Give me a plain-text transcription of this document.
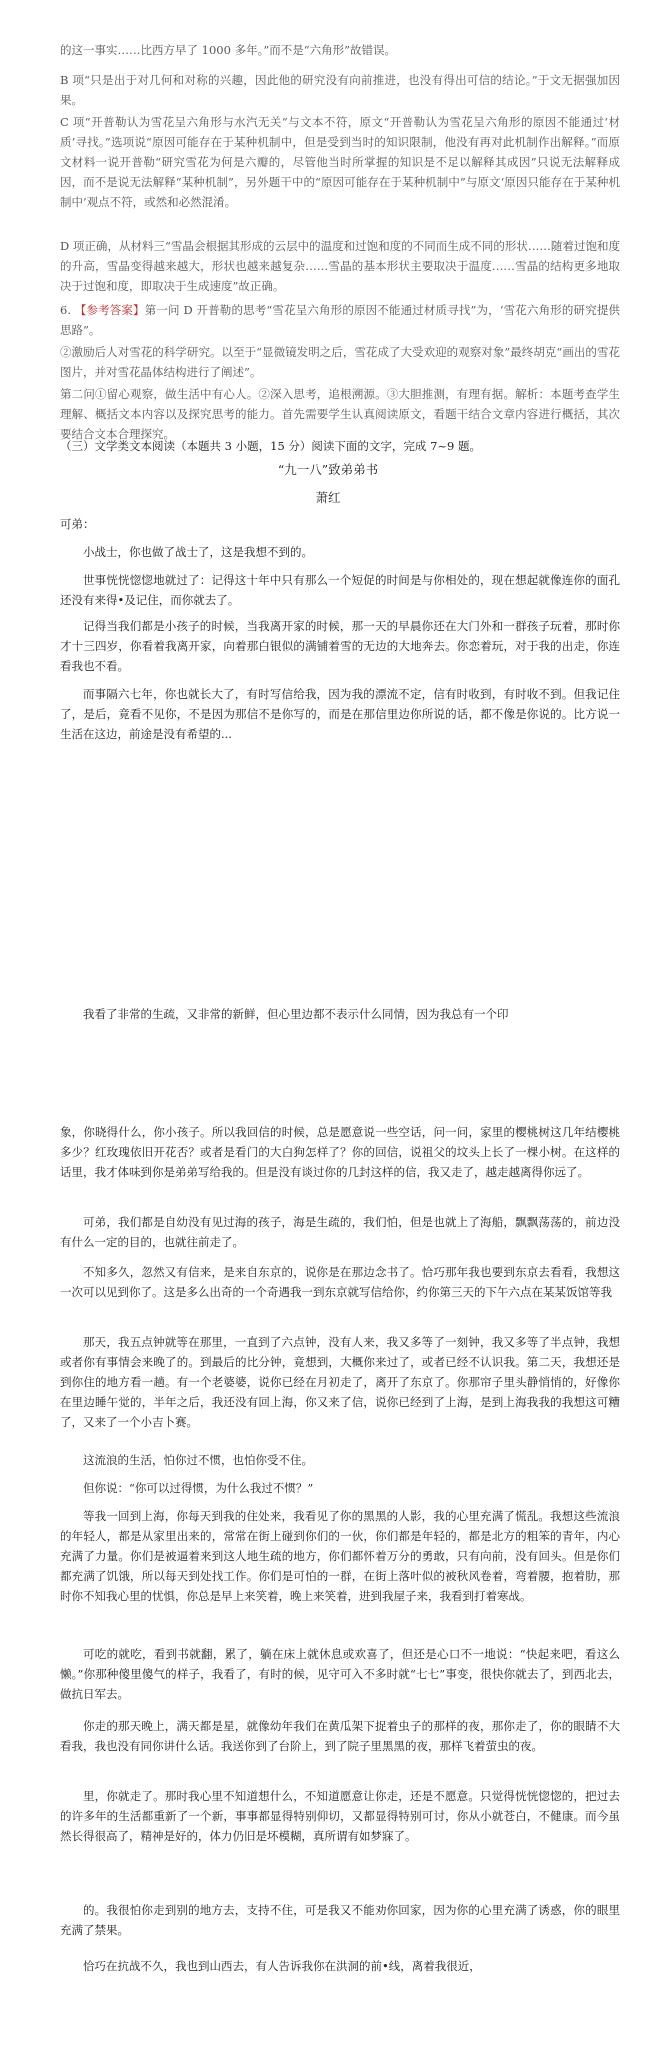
的这一事实……比西方早了 1000 多年。”而不是“六角形”故错误。
B 项“只是出于对几何和对称的兴趣，因此他的研究没有向前推进，也没有得出可信的结论。”于文无据强加因果。
C 项“开普勒认为雪花呈六角形与水汽无关”与文本不符，原文“开普勒认为雪花呈六角形的原因不能通过‘材质’寻找。”选项说“原因可能存在于某种机制中，但是受到当时的知识限制，他没有再对此机制作出解释。”而原文材料一说开普勒“研究雪花为何是六瓣的，尽管他当时所掌握的知识是不足以解释其成因”只说无法解释成因，而不是说无法解释“某种机制”，另外题干中的“原因可能存在于某种机制中”与原文‘原因只能存在于某种机制中’观点不符，或然和必然混淆。
D 项正确，从材料三“雪晶会根据其形成的云层中的温度和过饱和度的不同而生成不同的形状……随着过饱和度的升高，雪晶变得越来越大，形状也越来越复杂……雪晶的基本形状主要取决于温度……雪晶的结构更多地取决于过饱和度，即取决于生成速度”故正确。
6. 【参考答案】第一问 D 开普勒的思考“雪花呈六角形的原因不能通过材质寻找”为，‘雪花六角形的研究提供思路”。
②激励后人对雪花的科学研究。以至于“显微镜发明之后，雪花成了大受欢迎的观察对象”最终胡克“画出的雪花图片，并对雪花晶体结构进行了阐述”。
第二问①留心观察，做生活中有心人。②深入思考，追根溯源。③大胆推测，有理有据。解析：本题考查学生理解、概括文本内容以及探究思考的能力。首先需要学生认真阅读原文，看题干结合文章内容进行概括，其次要结合文本合理探究。
（三）文学类文本阅读（本题共 3 小题，15 分）阅读下面的文字，完成 7~9 题。
“九一八”致弟弟书
萧红
可弟：
小战士，你也做了战士了，这是我想不到的。
世事恍恍惚惚地就过了：记得这十年中只有那么一个短促的时间是与你相处的，现在想起就像连你的面孔还没有来得•及记住，而你就去了。
记得当我们都是小孩子的时候，当我离开家的时候，那一天的早晨你还在大门外和一群孩子玩着，那时你才十三四岁，你看着我离开家，向着那白银似的满铺着雪的无边的大地奔去。你恋着玩，对于我的出走，你连看我也不看。
而事隔六七年，你也就长大了，有时写信给我，因为我的漂流不定，信有时收到，有时收不到。但我记住了，是后，竟看不见你，不是因为那信不是你写的，而是在那信里边你所说的话，都不像是你说的。比方说一生活在这边，前途是没有希望的...
我看了非常的生疏，又非常的新鲜，但心里边都不表示什么同情，因为我总有一个印
象，你晓得什么，你小孩子。所以我回信的时候，总是愿意说一些空话，问一问，家里的樱桃树这几年结樱桃多少？红玫瑰依旧开花否？或者是看门的大白狗怎样了？你的回信，说祖父的坟头上长了一棵小树。在这样的话里，我才体味到你是弟弟写给我的。但是没有谈过你的几封这样的信，我又走了，越走越离得你远了。
可弟，我们都是自幼没有见过海的孩子，海是生疏的，我们怕，但是也就上了海船，飘飘荡荡的，前边没有什么一定的目的，也就往前走了。
不知多久，忽然又有信来，是来自东京的，说你是在那边念书了。恰巧那年我也要到东京去看看，我想这一次可以见到你了。这是多么出奇的一个奇遇我一到东京就写信给你，约你第三天的下午六点在某某饭馆等我
那天，我五点钟就等在那里，一直到了六点钟，没有人来，我又多等了一刻钟，我又多等了半点钟，我想或者你有事情会来晚了的。到最后的比分钟，竟想到，大概你来过了，或者已经不认识我。第二天，我想还是到你住的地方看一趟。有一个老婆婆，说你已经在月初走了，离开了东京了。你那帘子里头静悄悄的，好像你在里边睡午觉的，半年之后，我还没有回上海，你又来了信，说你已经到了上海，是到上海我我的我想这可糟了，又来了一个小吉卜赛。
这流浪的生活，怕你过不惯，也怕你受不住。
但你说：“你可以过得惯，为什么我过不惯？”
等我一回到上海，你每天到我的住处来，我看见了你的黑黑的人影，我的心里充满了慌乱。我想这些流浪的年轻人，都是从家里出来的，常常在街上碰到你们的一伙，你们都是年轻的，都是北方的粗笨的青年，内心充满了力量。你们是被逼着来到这人地生疏的地方，你们都怀着万分的勇敢，只有向前，没有回头。但是你们都充满了饥饿，所以每天到处找工作。你们是可怕的一群，在街上落叶似的被秋风卷着，弯着腰，抱着肋，那时你不知我心里的忧惧，你总是早上来笑着，晚上来笑着，进到我屋子来，我看到打着寒战。
可吃的就吃，看到书就翻，累了，躺在床上就休息或欢喜了，但还是心口不一地说：“快起来吧，看这么懒。”你那种傻里傻气的样子，我看了，有时的候，见守可入不多时就“七七”事变，很快你就去了，到西北去，做抗日军去。
你走的那天晚上，满天都是星，就像幼年我们在黄瓜架下捉着虫子的那样的夜，那你走了，你的眼睛不大看我，我也没有同你讲什么话。我送你到了台阶上，到了院子里黑黑的夜，那样飞着萤虫的夜。
里，你就走了。那时我心里不知道想什么，不知道愿意让你走，还是不愿意。只觉得恍恍惚惚的，把过去的许多年的生活都重新了一个新，事事都显得特别仰切，又都显得特别可讨，你从小就苍白，不健康。而今虽然长得很高了，精神是好的，体力仍旧是坏模糊，真所谓有如梦寐了。
的。我很怕你走到别的地方去，支持不住，可是我又不能劝你回家，因为你的心里充满了诱惑，你的眼里充满了禁果。
恰巧在抗战不久，我也到山西去，有人告诉我你在洪洞的前•线，离着我很近，
